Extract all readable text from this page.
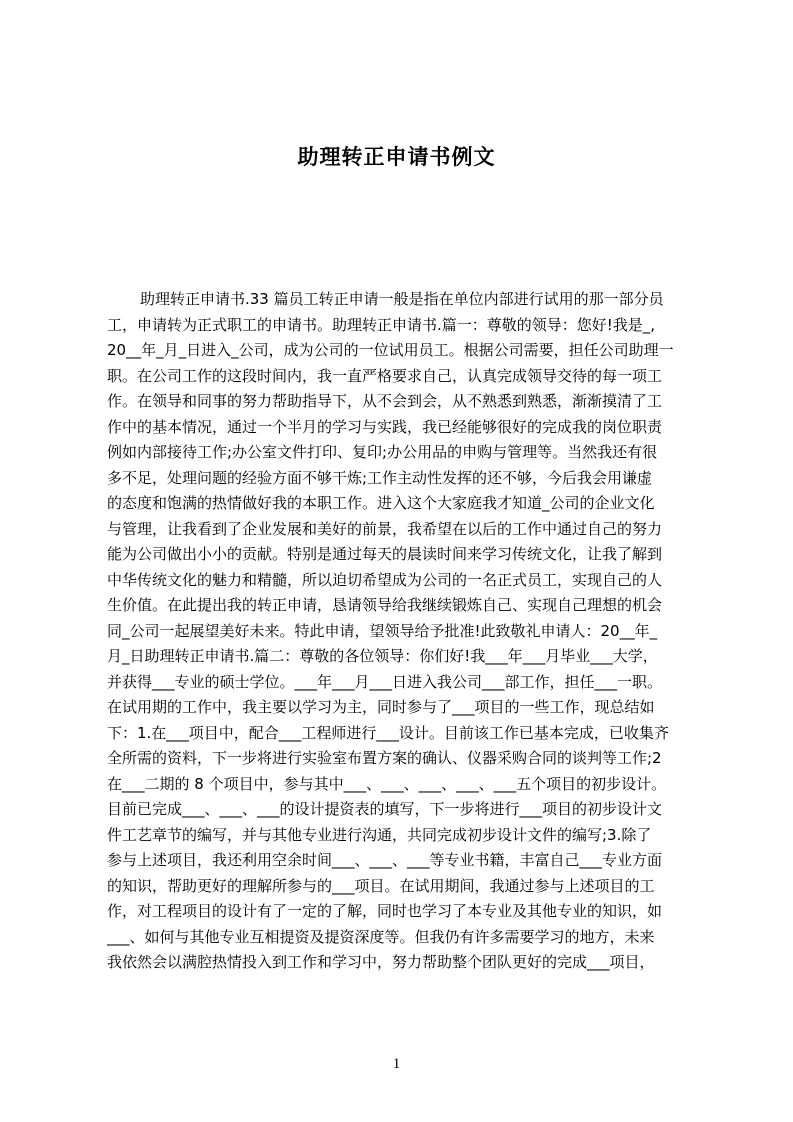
助理转正申请书例文
助理转正申请书.33 篇员工转正申请一般是指在单位内部进行试用的那一部分员
工，申请转为正式职工的申请书。助理转正申请书.篇一：尊敬的领导：您好!我是_,
20__年_月_日进入_公司，成为公司的一位试用员工。根据公司需要，担任公司助理一
职。在公司工作的这段时间内，我一直严格要求自己，认真完成领导交待的每一项工
作。在领导和同事的努力帮助指导下，从不会到会，从不熟悉到熟悉，渐渐摸清了工
作中的基本情况，通过一个半月的学习与实践，我已经能够很好的完成我的岗位职责
例如内部接待工作;办公室文件打印、复印;办公用品的申购与管理等。当然我还有很
多不足，处理问题的经验方面不够干炼;工作主动性发挥的还不够，今后我会用谦虚
的态度和饱满的热情做好我的本职工作。进入这个大家庭我才知道_公司的企业文化
与管理，让我看到了企业发展和美好的前景，我希望在以后的工作中通过自己的努力
能为公司做出小小的贡献。特别是通过每天的晨读时间来学习传统文化，让我了解到
中华传统文化的魅力和精髓，所以迫切希望成为公司的一名正式员工，实现自己的人
生价值。在此提出我的转正申请，恳请领导给我继续锻炼自己、实现自己理想的机会
同_公司一起展望美好未来。特此申请，望领导给予批准!此致敬礼申请人：20__年_
月_日助理转正申请书.篇二：尊敬的各位领导：你们好!我___年___月毕业___大学，
并获得___专业的硕士学位。___年___月___日进入我公司___部工作，担任___一职。
在试用期的工作中，我主要以学习为主，同时参与了___项目的一些工作，现总结如
下：1.在___项目中，配合___工程师进行___设计。目前该工作已基本完成，已收集齐
全所需的资料，下一步将进行实验室布置方案的确认、仪器采购合同的谈判等工作;2
在___二期的 8 个项目中，参与其中___、___、___、___、___五个项目的初步设计。
目前已完成___、___、___的设计提资表的填写，下一步将进行___项目的初步设计文
件工艺章节的编写，并与其他专业进行沟通，共同完成初步设计文件的编写;3.除了
参与上述项目，我还利用空余时间___、___、___等专业书籍，丰富自己___专业方面
的知识，帮助更好的理解所参与的___项目。在试用期间，我通过参与上述项目的工
作，对工程项目的设计有了一定的了解，同时也学习了本专业及其他专业的知识，如
___、如何与其他专业互相提资及提资深度等。但我仍有许多需要学习的地方，未来
我依然会以满腔热情投入到工作和学习中，努力帮助整个团队更好的完成___项目，
1
